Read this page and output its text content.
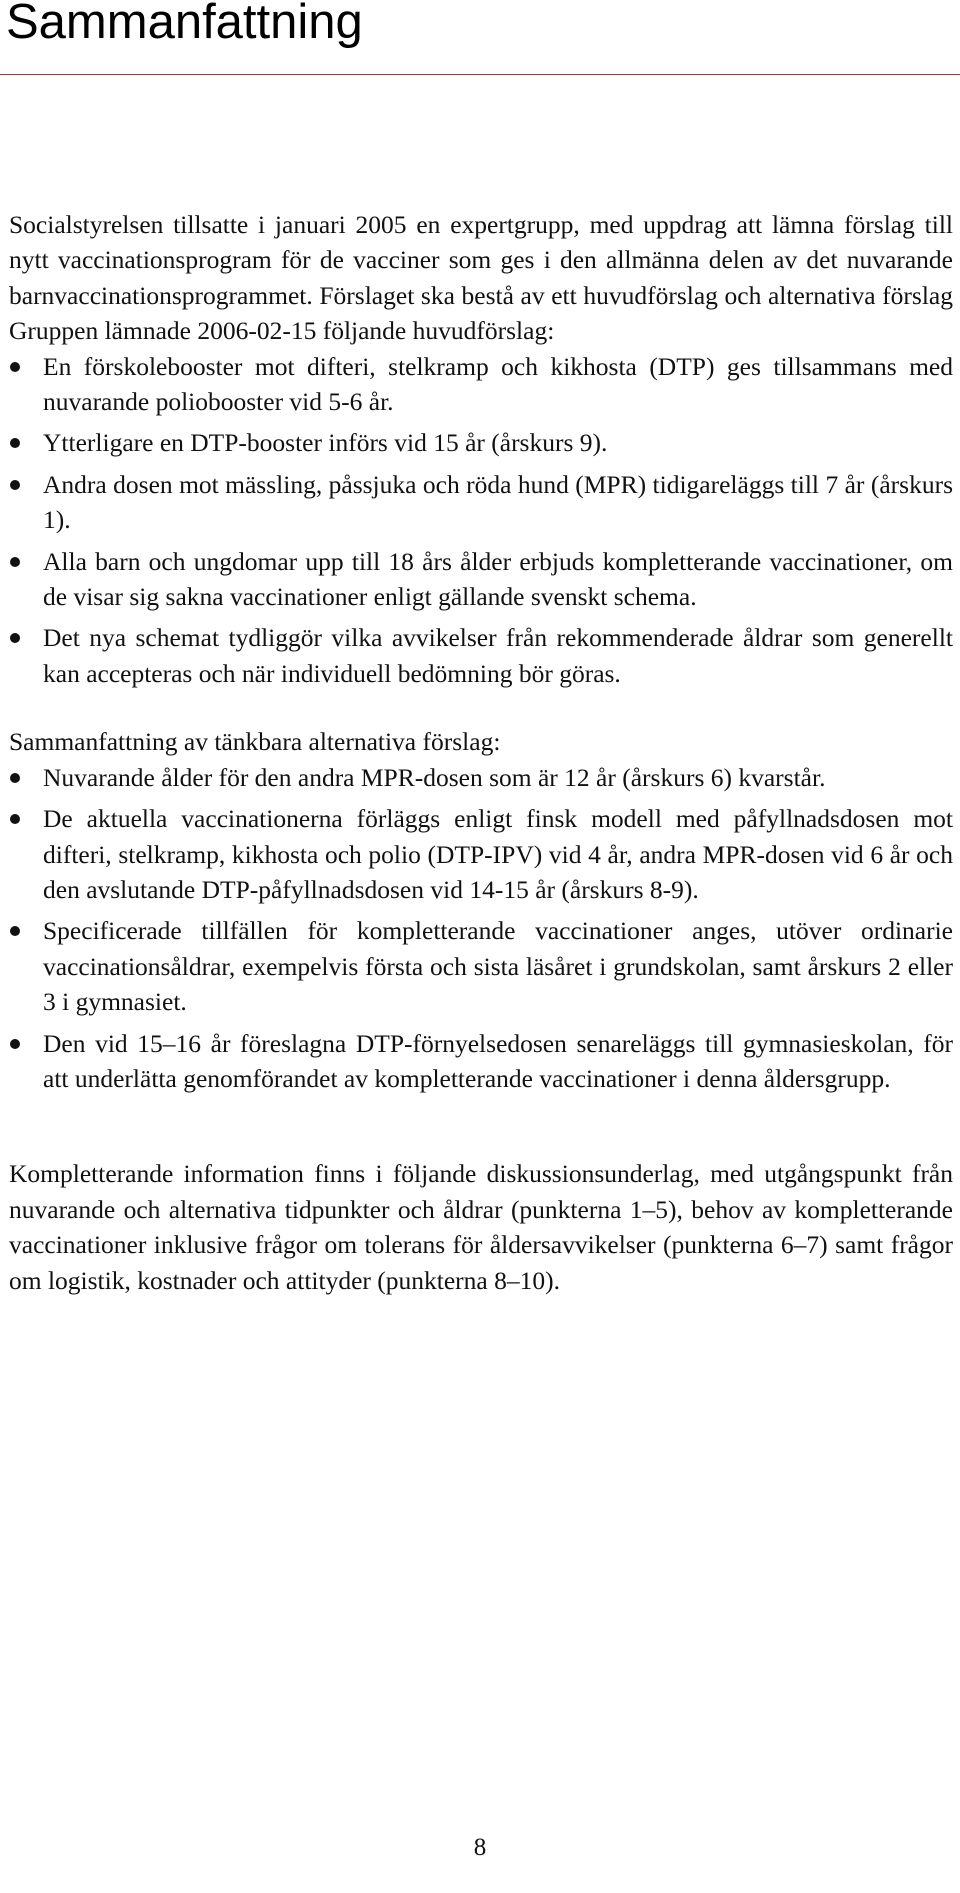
Sammanfattning

Socialstyrelsen tillsatte i januari 2005 en expertgrupp, med uppdrag att lämna förslag till nytt vaccinationsprogram för de vacciner som ges i den allmänna delen av det nuvarande barnvaccinationsprogrammet. Förslaget ska bestå av ett huvudförslag och alternativa förslag Gruppen lämnade 2006-02-15 följande huvudförslag:

En förskolebooster mot difteri, stelkramp och kikhosta (DTP) ges tillsammans med nuvarande poliobooster vid 5-6 år.
Ytterligare en DTP-booster införs vid 15 år (årskurs 9).
Andra dosen mot mässling, påssjuka och röda hund (MPR) tidigareläggs till 7 år (årskurs 1).
Alla barn och ungdomar upp till 18 års ålder erbjuds kompletterande vaccinationer, om de visar sig sakna vaccinationer enligt gällande svenskt schema.
Det nya schemat tydliggör vilka avvikelser från rekommenderade åldrar som generellt kan accepteras och när individuell bedömning bör göras.

Sammanfattning av tänkbara alternativa förslag:

Nuvarande ålder för den andra MPR-dosen som är 12 år (årskurs 6) kvarstår.
De aktuella vaccinationerna förläggs enligt finsk modell med påfyllnadsdosen mot difteri, stelkramp, kikhosta och polio (DTP-IPV) vid 4 år, andra MPR-dosen vid 6 år och den avslutande DTP-påfyllnadsdosen vid 14-15 år (årskurs 8-9).
Specificerade tillfällen för kompletterande vaccinationer anges, utöver ordinarie vaccinationsåldrar, exempelvis första och sista läsåret i grundskolan, samt årskurs 2 eller 3 i gymnasiet.
Den vid 15–16 år föreslagna DTP-förnyelsedosen senareläggs till gymnasieskolan, för att underlätta genomförandet av kompletterande vaccinationer i denna åldersgrupp.

Kompletterande information finns i följande diskussionsunderlag, med utgångspunkt från nuvarande och alternativa tidpunkter och åldrar (punkterna 1–5), behov av kompletterande vaccinationer inklusive frågor om tolerans för åldersavvikelser (punkterna 6–7) samt frågor om logistik, kostnader och attityder (punkterna 8–10).

8
